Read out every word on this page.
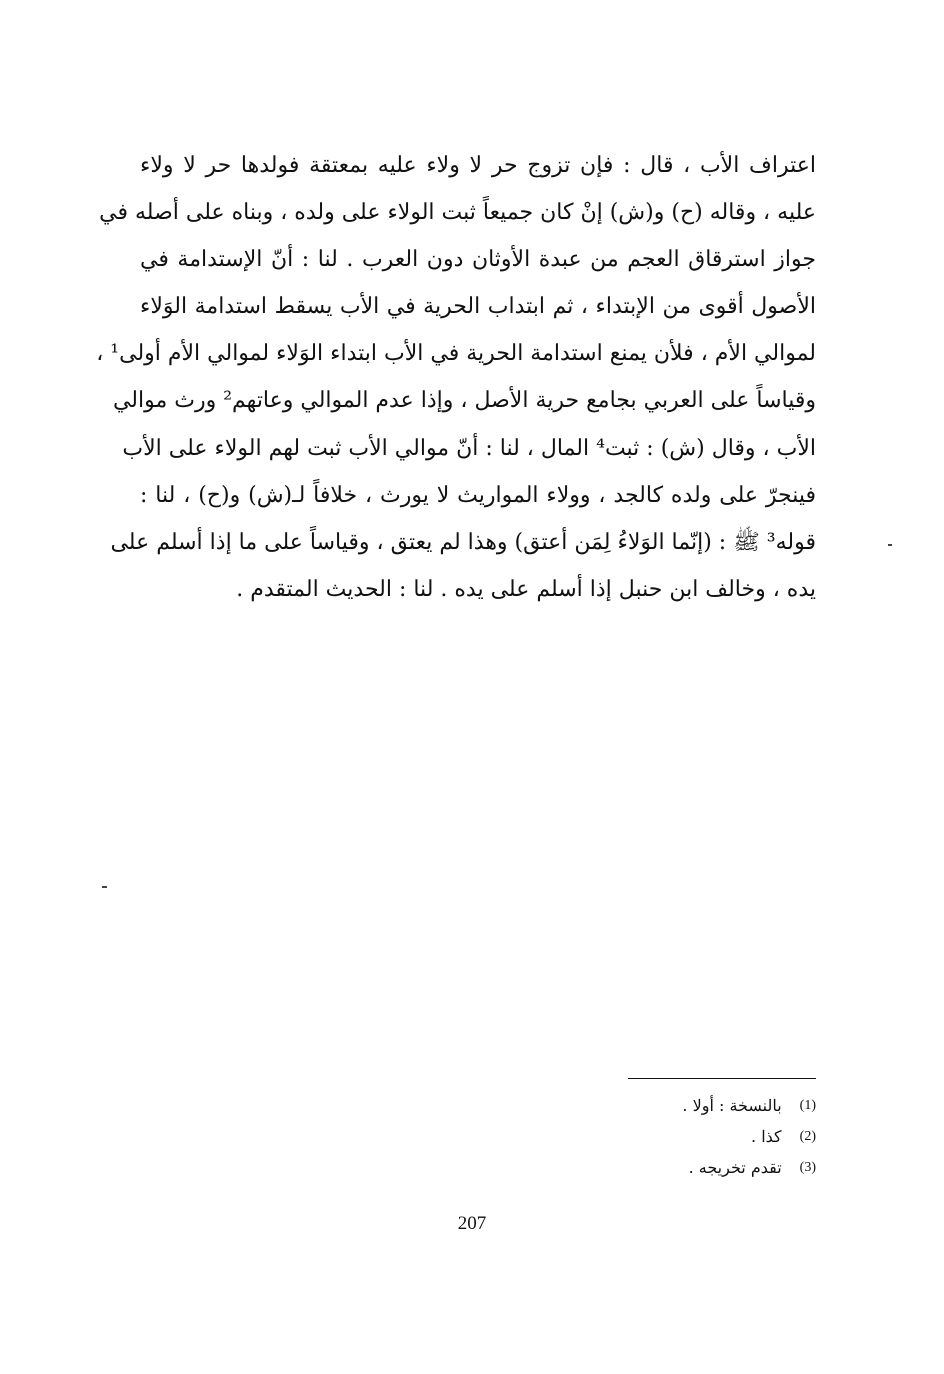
اعتراف الأب ، قال : فإن تزوج حر لا ولاء عليه بمعتقة فولدها حر لا ولاء
عليه ، وقاله (ح) و(ش) إنْ كان جميعاً ثبت الولاء على ولده ، وبناه على أصله في
جواز استرقاق العجم من عبدة الأوثان دون العرب . لنا : أنّ الإستدامة في
الأصول أقوى من الإبتداء ، ثم ابتداب الحرية في الأب يسقط استدامة الوَلاء
لموالي الأم ، فلأن يمنع استدامة الحرية في الأب ابتداء الوَلاء لموالي الأم أولى¹ ،
وقياساً على العربي بجامع حرية الأصل ، وإذا عدم الموالي وعاتهم² ورث موالي
الأب ، وقال (ش) : ثبت⁴ المال ، لنا : أنّ موالي الأب ثبت لهم الولاء على الأب
فينجرّ على ولده كالجد ، وولاء المواريث لا يورث ، خلافاً لـ(ش) و(ح) ، لنا :
قوله³ ﷺ : (إنّما الوَلاءُ لِمَن أعتق) وهذا لم يعتق ، وقياساً على ما إذا أسلم على
يده ، وخالف ابن حنبل إذا أسلم على يده . لنا : الحديث المتقدم .
(1)
بالنسخة : أولا .
(2)
كذا .
(3)
تقدم تخريجه .
207
